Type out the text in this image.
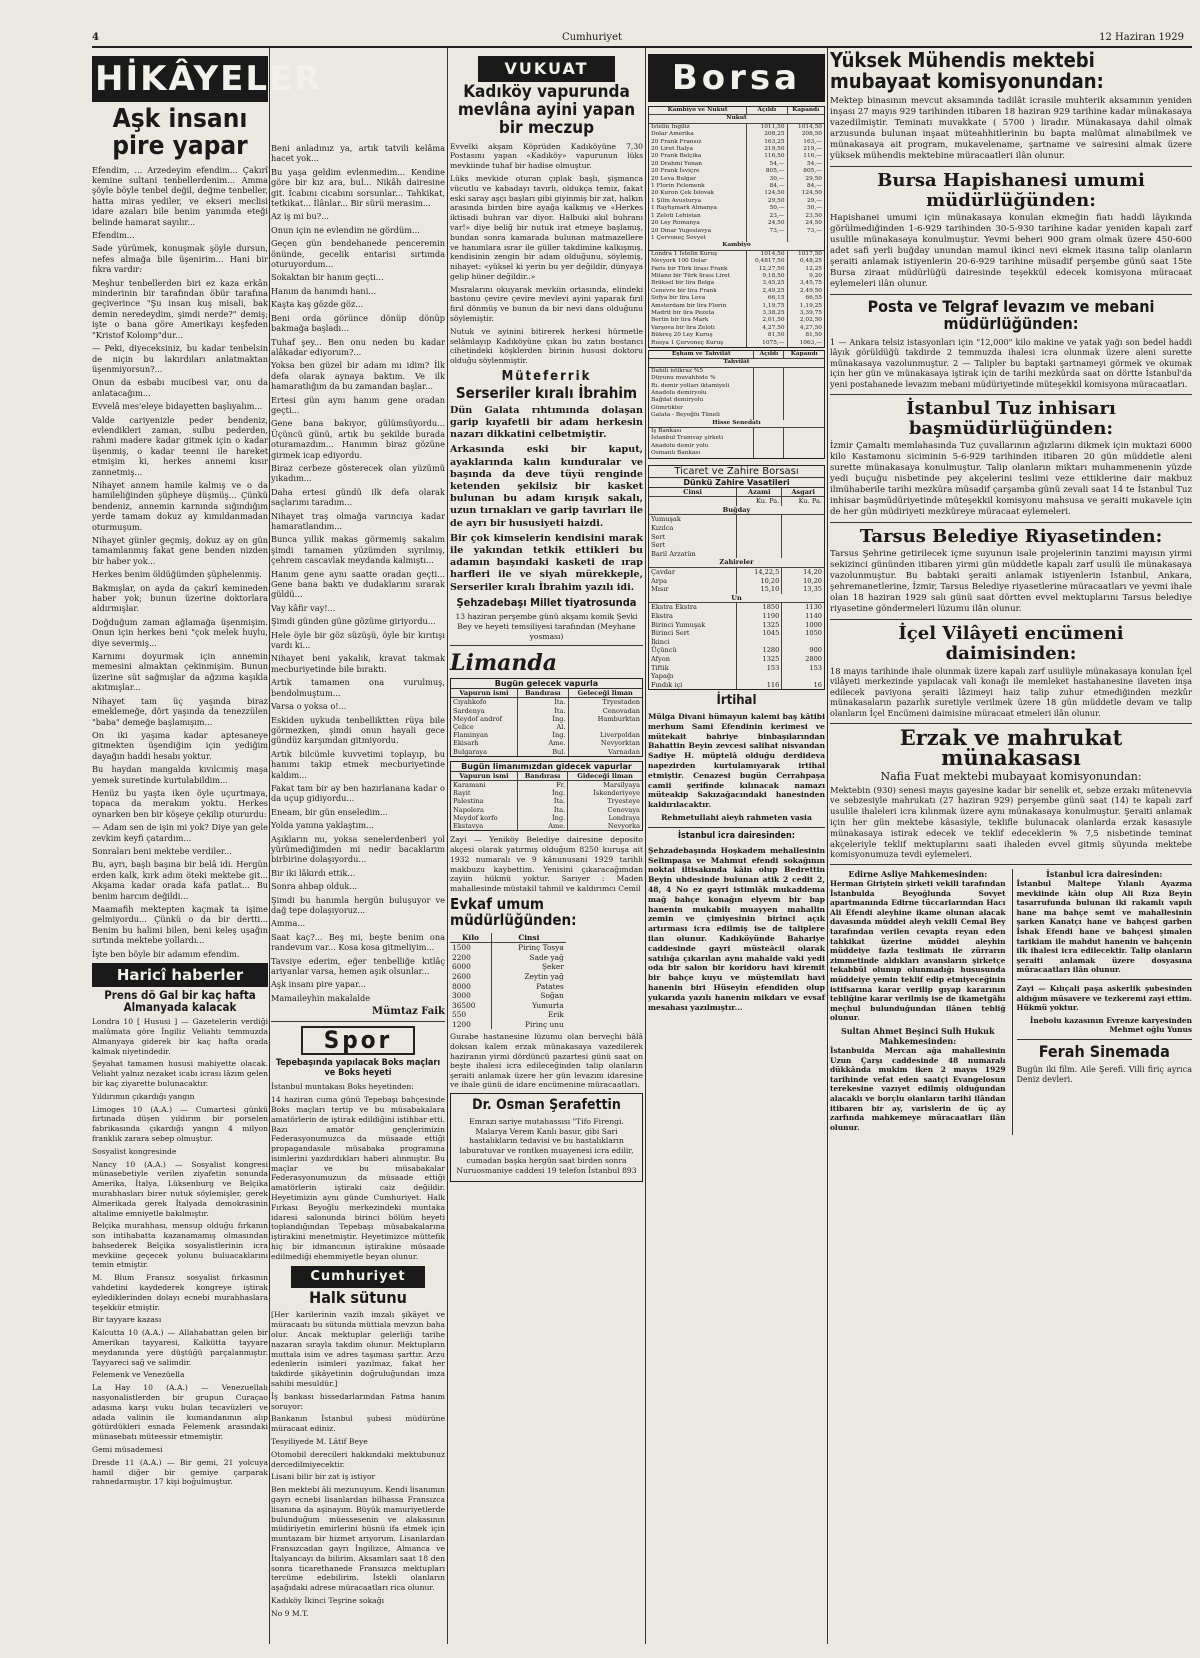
4	Cumhuriyet	12 Haziran 1929
HİKÂYELER
Aşk insanı pire yapar

Efendim, ... Arzedeyim efendim... Çakırî kemine sultani tenbellerdenim... Amma şöyle böyle tenbel değil, değme tenbeller, hatta miras yediler, ve ekseri meclisi idare azaları bile benim yanımda eteği belinde hamarat sayılır...

Efendim...

Sade yürümek, konuşmak şöyle dursun, nefes almağa bile üşenirim... Hani bir fıkra vardır:

Meşhur tenbellerden biri ez kaza erkân minderinin bir tarafından öbür tarafına geçiverince "Şu insan kuş misali, bak demin neredeydim, şimdi nerde?" demiş; işte o bana göre Amerikayı keşfeden "Kristof Kolomp"dur...

— Peki, diyeceksiniz, bu kadar tenbelsin de niçin bu lakırdıları anlatmaktan üşenmiyorsun?...

Onun da esbabı mucibesi var, onu da anlatacağım...

Evvelâ mes'eleye bidayetten başlıyalım...

Valde cariyenizle peder bendeniz, evlendikleri zaman, sulbu pederden, rahmi madere kadar gitmek için o kadar üşenmiş, o kadar teenni ile hareket etmişim ki, herkes annemi kısır zannetmiş...

Nihayet annem hamile kalmış ve o da hamileliğinden şüpheye düşmüş... Çünkü bendeniz, annemin karnında sığındığım yerde tamam dokuz ay kımıldanmadan oturmuşum.

Nihayet günler geçmiş, dokuz ay on gün tamamlanmış fakat gene benden nizden bir haber yok...

Herkes benim öldüğümden şüphelenmiş.

Bakmışlar, on ayda da çakırî kemineden haber yok; bunun üzerine doktorlara aldırmışlar.

Doğduğum zaman ağlamağa üşenmişim. Onun için herkes beni "çok melek huylu, diye severmiş...

Karnımı doyurmak için annemin memesini almaktan çekinmişim. Bunun üzerine süt sağmışlar da ağzıma kaşıkla akıtmışlar...

Nihayet tam üç yaşında biraz emeklemeğe, dört yaşında da tenezzülen "baba" demeğe başlamışım...

On iki yaşıma kadar aptesaneye gitmekten üşendiğim için yediğim dayağın haddi hesabı yoktur.

Bu haydan mangalda kıvılcımı̇ş maşa yemek suretinde kurtulabildim...

Henüz bu yaşta iken öyle uçurtmaya, topaca da merakım yoktu. Herkes oynarken ben bir köşeye çekilip otururdu:

— Adam sen de işin mi yok? Diye yan gele zevkim keyfi çatardım...

Sonraları beni mektebe verdiler...

Bu, ayrı, başlı başına bir belâ idi. Hergün erden kalk, kırk adım öteki mektebe git... Akşama kadar orada kafa patlat... Bu benim harcım değildi...

Maamafih mektepten kaçmak ta işime gelmiyordu... Çünkü o da bir dertti... Benim bu halimi bilen, beni keleş uşağın sırtında mektebe yollardı...

İşte ben böyle bir adamım efendim.

Haricî haberler
Prens dö Gal bir kaç hafta Almanyada kalacak

Londra 10 [ Hususi ] — Gazetelerin verdiği malûmata göre İngiliz Veliahtı temmuzda Almanyaya giderek bir kaç hafta orada kalmak niyetindedir.

Şeyahat tamamen hususi mahiyette olacak. Veliaht yalnız nezaket icabı icrası lâzım gelen bir kaç ziyarette bulunacaktır.

Yıldırımın çıkardığı yangın

Limoges 10 (A.A.) — Cumartesi günkü fırtınada düşen yıldırım bir porselen fabrikasında çıkardığı yangın 4 milyon franklık zarara sebep olmuştur.

Sosyalist kongresinde

Nancy 10 (A.A.) — Sosyalist kongresi münasebetiyle verilen ziyafetin sonunda Amerika, İtalya, Lüksenburg ve Belçika murahhasları birer nutuk söylemişler, gerek Almerikada gerek İtalyada demokrasinin altalime emniyetle bakılmıştır.

Belçika murahhası, mensup olduğu fırkanın son intihabatta kazanamamış olmasından bahsederek Belçika sosyalistlerinin icra mevkiine geçecek yolunu buluacaklarını temin etmiştir.

M. Blum Fransız sosyalist fırkasının vahdetini kaydederek kongreye iştirak eylediklerinden dolayı ecnebi murahhaslara teşekkür etmiştir.

Bir tayyare kazası

Kalcutta 10 (A.A.) — Allahabattan gelen bir Amerikan tayyaresi, Kalkütta tayyare meydanında yere düştüğü parçalanmıştır. Tayyareci sağ ve salimdir.

Felemenk ve Venezüella

La Hay 10 (A.A.) — Venezuellalı nasyonalistlerden bir grupun Curaçao adasına karşı vuku bulan tecavüzleri ve adada valinin ile kumandanının alıp götürdükleri esnada Felemenk arasındaki münasebatı müteessir etmemiştir.

Gemi müsademesi

Dresde 11 (A.A.) — Bir gemi, 21 yolcuya hamil diğer bir gemiye çarparak rahnedarmıştır. 17 kişi boğulmuştur.

Beni anladınız ya, artık tatvili kelâma hacet yok...

Bu yaşa geldim evlenmedim... Kendine göre bir kız ara, bul... Nikâh dairesine git. İcabını cicabını sorsunlar... Tahkikat, tetkikat... İlânlar... Bir sürü merasim...

Az iş mi bu?...

Onun için ne evlendim ne gördüm...

Geçen gün bendehanede penceremin önünde, gecelik entarisi sırtımda oturuyordum...

Sokaktan bir hanım geçti...

Hanım da hanımdı hani...

Kaşta kaş gözde göz...

Beni orda görünce dönüp dönüp bakmağa başladı...

Tuhaf şey... Ben onu neden bu kadar alâkadar ediyorum?...

Yoksa ben güzel bir adam mı idim? İlk defa olarak aynaya baktım. Ve ilk hamaratlığım da bu zamandan başlar...

Ertesi gün aynı hanım gene oradan geçti...

Gene bana bakıyor, gülümsüyordu... Üçüncü günü, artık bu şekilde burada oturamazdım... Hanımın biraz gözüne girmek icap ediyordu.

Biraz cerbeze gösterecek olan yüzümü yıkadım...

Daha ertesi gündü ilk defa olarak saçlarımı taradım...

Nihayet traş olmağa varıncıya kadar hamaratlandım...

Bunca yıllık makas görmemiş sakalım şimdi tamamen yüzümden sıyrılmış, çehrem cascavlak meydanda kalmıştı...

Hanım gene aynı saatte oradan geçti... Gene bana baktı ve dudaklarını sırarak güldü...

Vay kâfir vay!...

Şimdi günden güne gözüme giriyordu...

Hele öyle bir göz süzüşü, öyle bir kırıtışı vardı ki...

Nihayet beni yakalık, kravat takmak mecburiyetinde bile bıraktı.

Artık tamamen ona vurulmuş, bendolmuştum...

Varsa o yoksa o!...

Eskiden uykuda tenbelliktten rüya bile görmezken, şimdi onun hayali gece gündüz karşımdan gitmiyordu.

Artık bilcümle kuvvetimi toplayıp, bu hanımı takip etmek mecburiyetinde kaldım...

Fakat tam bir ay ben hazırlanana kadar o da uçup gidiyordu...

Eneam, bir gün enseledim...

Yolda yanına yaklaştım...

Aşıkların mı, yoksa senelerdenberi yol yürümediğimden mi nedir bacaklarım birbirine dolaşıyordu...

Bir iki lâkırdı ettik...

Sonra ahbap olduk...

Şimdi bu hanımla hergün buluşuyor ve dağ tepe dolaşıyoruz...

Amma...

Saat kaç?... Beş mi, beşte benim ona randevum var... Kosa kosa gitmeliyim...

Tavsiye ederim, eğer tenbelliğe kıtlâç ariyanlar varsa, hemen aşık olsunlar...

Aşk insanı pire yapar...

Mamaileyhin makalalde

Mümtaz Faik
Spor
Tepebaşında yapılacak Boks maçları ve Boks heyeti

İstanbul muntakası Boks heyetinden:

14 haziran cuma günü Tepebaşı bahçesinde Boks maçları tertip ve bu müsabakalara amatörlerin de iştirak edildiğini istihbar etti. Bazı amatör gençlerimizin Federasyonumuzca da müsaade ettiği propagandasıle müsabaka programına isimlerini yazdırdıkları haberi alınmıştır. Bu maçlar ve bu müsabakalar Federasyonumuzun da müsaade ettiği amatörlerin iştiraki caiz değildir. Heyetimizin aynı günde Cumhuriyet. Halk Fırkası Beyoğlu merkezindeki muntaka idaresi salonunda birinci bölüm heyeti toplandığından Tepebaşı müsabakalarına iştirakini menetmiştir. Heyetimizce müttefik hiç bir idmancının iştirakine müsaade edilmediği ehemmiyetle beyan olunur.

Cumhuriyet
Halk sütunu

[Her karilerinin vazih imzalı şikâyet ve müracaatı bu sütunda müttiala mevzun baha olur. Ancak mektuplar gelerliği tarihe nazaran sırayla takdim olunur. Mektupların muttala isim ve adres taşıması şarttır. Arzu edenlerin isimleri yazılmaz, fakat her takdirde şikâyetinin doğruluğundan imza sahibi mesuldür.]

İş bankası hissedarlarından Fatma hanım soruyor:

Bankanın İstanbul şubesi müdürüne müracaat ediniz.

Tesyiliyede M. Lâtif Beye

Otomobil derecileri hakkındaki mektubunuz dercedilmiyecektir.

Lisani bilir bir zat iş istiyor

Ben mektebi âli mezunuyum. Kendi lisanımın gayrı ecnebi lisanlardan bilhassa Fransızca lisanına da aşinayım. Büyük mamuriyetlerde bulunduğum müessesenin ve alakasının müdiriyetin emirlerini hüsnü ifa etmek için muntazam bir hizmet arıyorum. Lisanlardan Fransızcadan gayrı İngilizce, Almanca ve İtalyancayı da bilirim. Aksamları saat 18 den sonra ticarethanede Fransızca mektupları tercüme edebilirim. İstekli olanların aşağıdaki adrese müracaatları rica olunur.

Kadıköy İkinci Teşrine sokağı

No 9 M.T.

VUKUAT
Kadıköy vapurunda mevlâna ayini yapan bir meczup

Evvelki akşam Köprüden Kadıköyüne 7,30 Postasını yapan «Kadıköy» vapurunun lüks mevkiinde tuhaf bir hadise olmuştur.

Lüks mevkide oturan çıplak başlı, şişmanca vücutlu ve kabadayı tavırlı, oldukça temiz, fakat eski saray aşçı başları gibi giyinmiş bir zat, halkın arasında birden bire ayağa kalkmış ve «Herkes iktisadi buhran var diyor. Halbuki akıl buhranı var!» diye beliğ bir nutuk irat etmeye başlamış, bundan sonra kamarada bulunan matmazellere ve hanımlara ısrar ile güller takdimine kalkışmış, kendisinin zengin bir adam olduğunu, söylemiş, nihayet: «yüksel ki yerin bu yer değildir, dünyaya gelip hüner değildir..»

Mısralarını okuyarak mevkiin ortasında, elindeki bastonu çevire çevire mevlevi ayini yaparak fırıl fırıl dönmüş ve bunun da bir nevi dans olduğunu söylemiştir.

Nutuk ve ayinini bitirerek herkesi hürmetle selâmlayıp Kadıköyüne çıkan bu zatın bostancı cihetindeki köşklerden birinin hususi doktoru olduğu söylenmiştir.

Müteferrik
Serseriler kıralı İbrahim

Dün Galata rıhtımında dolaşan garip kıyafetli bir adam herkesin nazarı dikkatini celbetmiştir.

Arkasında eski bir kaput, ayaklarında kalın kunduralar ve başında da deve tüyü renginde ketenden şekilsiz bir kasket bulunan bu adam kırışık sakalı, uzun tırnakları ve garip tavırları ile de ayrı bir hususiyeti haizdi.

Bir çok kimselerin kendisini marak ile yakından tetkik ettikleri bu adamın başındaki kasketi de ırap harfleri ile ve siyah mürekkeple, Serseriler kıralı İbrahim yazılı idi.

Şehzadebaşı Millet tiyatrosunda

13 haziran perşembe günü akşamı komik Şevki Bey ve heyeti temsiliyesi tarafından (Meyhane yosması)

Limanda
Bugün gelecek vapurla
Vapurun ismi	Bandırası	Geleceği liman
Cıyahkofo	İta.	Tryestaden
Sardenya	İta.	Cenovadan
Meydof androf	İng.	Hamburktan
Çelice	Al.	
Flaminyan	İng.	Liverpoldan
Ekisarh	Ame.	Nevyorktan
Bulgaraya	Bul.	Varnadan
Bugün limanımızdan gidecek vapurlar
Vapurun ismi	Bandırası	Gideceği liman
Karamani	Fr.	Marsilyaya
Rayit	İng.	İskenderiyeye
Palestina	İta.	Tryesteye
Napolera	İta.	Cenovaya
Meydof korfo	İng.	Londraya
Ekstavya	Ame.	Nevyorka

Zayi — Yeniköy Belediye dairesine deposito akçesi olarak yatırmış olduğum 8250 kuruşa ait 1932 numaralı ve 9 kânunusani 1929 tarihli makbuzu kaybettim. Yenisini çıkaracağımdan zayiin hükmü yoktur. Sarıyer : Maden mahallesinde müstakil tahmil ve kaldırımcı Cemil

Evkaf umum müdürlüğünden:
Kilo	Cinsi
1500	Pirinç Tosya
2200	Sade yağ
6000	Şeker
2600	Zeytin yağ
8000	Patates
3000	Soğan
36500	Yumurta
550	Erik
1200	Pirinç unu

Gurabe hastanesine lüzumu olan berveçhi bâlâ doksan kalem erzak münakasaya vazedilerek haziranın yirmi dördüncü pazartesi günü saat on beşte ihalesi icra edileceğinden talip olanların şeraiti anlamak üzere her gün levazım idaresine ve ihale günü de idare encümenine müracaatları.

Dr. Osman Şerafettin

Emrazı sariye mutahassısı "Tifo Firengi. Malarya Verem Kanlı basur, gibi Sari hastalıkların tedavisi ve bu hastalıkların laburatuvar ve rontken muayenesi icra edilir, cumadan başka hergün saat birden sonra Nuruosmaniye caddesi 19 telefon İstanbul 893

Borsa
Kambiyo ve Nukut	Açıldı	Kapandı
Nukut		
İstelin İngiliz	1011,50	1014,50
Dolar Amerika	208,25	208,50
20 Frank Fransız	163,25	163,—
20 Liret İtalya	219,50	219,—
20 Frank Belçika	116,50	116,—
20 Drahmi Yunan	54,—	54,—
20 Frank İsviçre	805,—	805,—
20 Leva Bulgar	30,—	29,50
1 Florin Felemenk	84,—	84,—
20 Kuron Çek İslovak	124,50	124,50
1 Şilin Avusturya	29,50	29,—
1 Rayhşmark Almanya	50,—	50,—
1 Zeloti Lehistan	23,—	23,50
20 Ley Romanya	24,50	24,50
20 Dinar Yugoslavya	73,—	73,—
1 Çervoneç Sovyet		
Kambiyo		
Londra 1 İstelin Kuruş	1014,50	1017,50
Nevyork 100 Dolar	0,4817,50	0,48,25
Paris bir Türk lirası Frank	12,27,50	12,25
Milano bir Türk lirası Liret	9,18,50	9,20
Brüksel bir lira Belga	3,45,25	3,45,75
Cenevre bir lira Frank	2,49,25	2,49,50
Sofya bir lira Leva	66,15	66,55
Amsterdam bir lira Florin	1,19,75	1,19,25
Madrit bir lira Pezeta	3,38,25	3,39,75
Berlin bir lira Mark	2,01,50	2,02,50
Varşova bir lira Zeloti	4,27,50	4,27,50
Bükreş 20 Ley Kuruş	81,50	81,50
Rusya 1 Çervoneç Kuruş	1075,—	1063,—
Eşham ve Tahvilât	Açıldı	Kapandı
Tahvilât		
Dahili istikraz %5		
Düyunu muvahhide %		
Rı. demir yolları iktamiyeli		
Anadolu demiryolu		
Bağdat demiryolu		
Gümrükler		
Galata - Beyoğlu Tüneli		
Hisse Senedatı		
İş Bankası		
İstanbul Tramvay şirketi		
Anadolu demir yolu		
Osmanlı Bankası		
Ticaret ve Zahire Borsası
Dünkü Zahire Vasatileri
Cinsi	Azami	Asgari
	Ku. Pa.	Ku. Pa.
Buğday		
Yumuşak		
Kızılca		
Sert		
Sert		
Baril Arzatün		
Zahireler		
Çavdar	14,22,5	14,20
Arpa	10,20	10,20
Mısır	15,10	13,35
Un		
Ekstra Ekstra	1850	1130
Ekstra	1190	1140
Birinci Yumuşak	1325	1000
Birinci Sert	1045	1050
İkinci		
Üçüncü	1280	900
Afyon	1325	2800
Tiftik	153	153
Yapağı		
Fındık içi	116	16
İrtihal

Mülga Divani hümayun kalemi baş kâtibi merhum Sami Efendinin kerimesi ve mütekait bahriye binbaşılarından Bahattin Beyin zevcesi salihat nisvandan Sadiye H. müptelâ olduğu derdideva napezirden kurtulamıyarak irtihal etmiştir. Cenazesi bugün Cerrahpaşa camii şerifinde kılınacak namazı müteakip Sakızağacındaki hanesinden kaldırılacaktır.

Rehmetullahi aleyh rahmeten vasia

İstanbul icra dairesinden:

Şehzadebaşında Hoşkadem mehallesinin Selimpaşa ve Mahmut efendi sokağının noktai iltisakında kâin olup Bedrettin Beyin uhdesinde bulunan atik 2 cedit 2, 48, 4 No ez gayri istimlâk mukaddema mağ bahçe konağın elyevm bir bap hanenin mukabilı muayyen mahallin zemin ve çimiyesinin birinci açık artırması icra edilmiş ise de taliplere ilan olunur. Kadıköyünde Bahariye caddesinde gayri müsteâcil olarak satılığa çıkarılan aynı mahalde vaki yedi oda bir salon bir koridoru havi kiremit bir bahçe kuyu ve müştemilatı havi hanenin biri Hüseyin efendiden olup yukarıda yazılı hanenin mikdarı ve evsaf mesahası yazılmıştır...

Yüksek Mühendis mektebi mubayaat komisyonundan:

Mektep binasının mevcut aksamında tadilât icrasile muhterik aksamının yeniden inşası 27 mayıs 929 tarihinden itibaren 18 haziran 929 tarihine kadar münakasaya vazedilmiştir. Teminatı muvakkate ( 5700 ) liradır. Münakasaya dahil olmak arzusunda bulunan inşaat müteahhitlerinin bu bapta malûmat alınabilmek ve münakasaya ait program, mukavelename, şartname ve sairesini almak üzere yüksek mühendis mektebine müracaatleri ilân olunur.

Bursa Hapishanesi umumi müdürlüğünden:

Hapishanei umumi için münakasaya konulan ekmeğin fiatı haddi lâyıkında görülmediğinden 1-6-929 tarihinden 30-5-930 tarihine kadar yeniden kapalı zarf usulile münakasaya konulmuştur. Yevmi beheri 900 gram olmak üzere 450-600 adet safi yerli buğday unundan mamul ikinci nevi ekmek itasına talip olanların şeraiti anlamak istiyenlerin 20-6-929 tarihine müsadif perşembe günü saat 15te Bursa ziraat müdürlüğü dairesinde teşekkül edecek komisyona müracaat eylemeleri ilân olunur.

Posta ve Telgraf levazım ve mebani müdürlüğünden:

1 — Ankara telsiz istasyonları için "12,000" kilo makine ve yatak yağı son bedel haddi lâyık görüldüğü takdirde 2 temmuzda ihalesi icra olunmak üzere aleni surette münakasaya vazolunmuştur. 2 — Talipler bu baptaki şartnameyi görmek ve okumak için her gün ve münakasaya iştirak için de tarihi mezkûrda saat on dörtte İstanbul'da yeni postahanede levazım mebani müdüriyetinde müteşekkil komisyona müracaatları.

İstanbul Tuz inhisarı başmüdürlüğünden:

İzmir Çamaltı memlahasında Tuz çuvallarının ağızlarını dikmek için muktazi 6000 kilo Kastamonu siciminin 5-6-929 tarihinden itibaren 20 gün müddetle aleni surette münakasaya konulmuştur. Talip olanların miktarı muhammenenin yüzde yedi buçuğu nisbetinde pey akçelerini teslimi veze ettiklerine dair makbuz ilmühaberile tarihi mezkûra müsadif çarşamba günü zevali saat 14 te İstanbul Tuz inhisar başmüdüriyetinde müteşekkil komisyonu mahsusa ve şeraiti mukavele için de her gün müdiriyeti mezkûreye müracaat eylemeleri.

Tarsus Belediye Riyasetinden:

Tarsus Şehrine getirilecek içme suyunun isale projelerinin tanzimi mayısın yirmi sekizinci gününden itibaren yirmi gün müddetle kapalı zarf usulü ile münakasaya vazolunmuştur. Bu babtaki şeraiti anlamak istiyenlerin İstanbul, Ankara, şehremanetlerine, İzmir, Tarsus Belediye riyasetlerine müracaatları ve yevmi ihale olan 18 haziran 1929 salı günü saat dörtten evvel mektuplarını Tarsus belediye riyasetine göndermeleri lüzumu ilân olunur.

İçel Vilâyeti encümeni daimisinden:

18 mayıs tarihinde ihale olunmak üzere kapalı zarf usulüyle münakasaya konulan İçel vilâyeti merkezinde yapılacak vali konağı ile memleket hastahanesine ilaveten inşa edilecek paviyona şeraiti lâzimeyi haiz talip zuhur etmediğinden mezkûr münakasaların pazarlık suretiyle verilmek üzere 18 gün müddetle devam ve talip olanların İçel Encümeni daimisine müracaat etmeleri ilân olunur.

Erzak ve mahrukat münakasası
Nafia Fuat mektebi mubayaat komisyonundan:

Mektebin (930) senesi mayıs gayesine kadar bir senelik et, sebze erzakı mütenevvia ve sebzesiyle mahrukatı (27 haziran 929) perşembe günü saat (14) te kapalı zarf usulile ihaleleri icra kılınmak üzere aynı münakasaya konulmuştur. Şeraiti anlamak için her gün mektebe kâsasiyle, teklifle bulunacak olanlarda erzak kasasıyle münakasaya istirak edecek ve teklif edeceklerin % 7,5 nisbetinde teminat akçeleriyle teklif mektuplarını saati ihaleden evvel gitmiş süyunda mektebe komisyonumuza tevdi eylemeleri.

Edirne Asliye Mahkemesinden:

Herman Giriştein şirketi vekili tarafından İstanbulda Beyoğlunda Sovyet apartmanında Edirne tüccarlarından Hacı Ali Efendi aleyhine ikame olunan alacak davasında müddei aleyh vekili Cemal Bey tarafından verilen cevapta reyan eden tahkikat üzerine müddei aleyhin müddeiye fazla teslimatı ile zürrarın zimmetinde aldıkları avansların şirketçe tekabbül olunup olunmadığı hususunda müddeiye yemin teklif edip etmiyeceğinin istifsarına karar verilip gıyap kararının tebliğine karar verilmiş ise de ikametgâhı meçhul bulunduğundan ilânen tebliğ olunur.

Sultan Ahmet Beşinci Sulh Hukuk Mahkemesinden:

İstanbulda Mercan ağa mahallesinin Uzun Çarşı caddesinde 48 numaralı dükkânda mukim iken 2 mayıs 1929 tarihinde vefat eden saatçi Evangelosun terekesine vazıyet edilmiş olduğundan alacaklı ve borçlu olanların tarihi ilândan itibaren bir ay, varislerin de üç ay zarfında mahkemeye müracaatları ilân olunur.

İstanbul icra dairesinden:

İstanbul Maltepe Yılanlı Ayazma mevkiinde kâin olup Ali Rıza Beyin tasarrufunda bulunan iki rakamlı vapılı hane ma bahçe semt ve mahallesinin şarken Kanatçı hane ve bahçesi garben İshak Efendi hane ve bahçesi şimalen tarikiam ile mahdut hanenin ve bahçenin ilk ihalesi icra edilecektir. Talip olanların şeraiti anlamak üzere dosyasına müracaatları ilân olunur.

Zayi — Kılıçali paşa askerlik şubesinden aldığım müsavere ve tezkeremi zayi ettim. Hükmü yoktur.

İnebolu kazasının Evrenze karyesinden Mehmet oğlu Yunus

Ferah Sinemada

Bugün iki film. Aile Şerefi. Villi firiç ayrıca Deniz devleri.
